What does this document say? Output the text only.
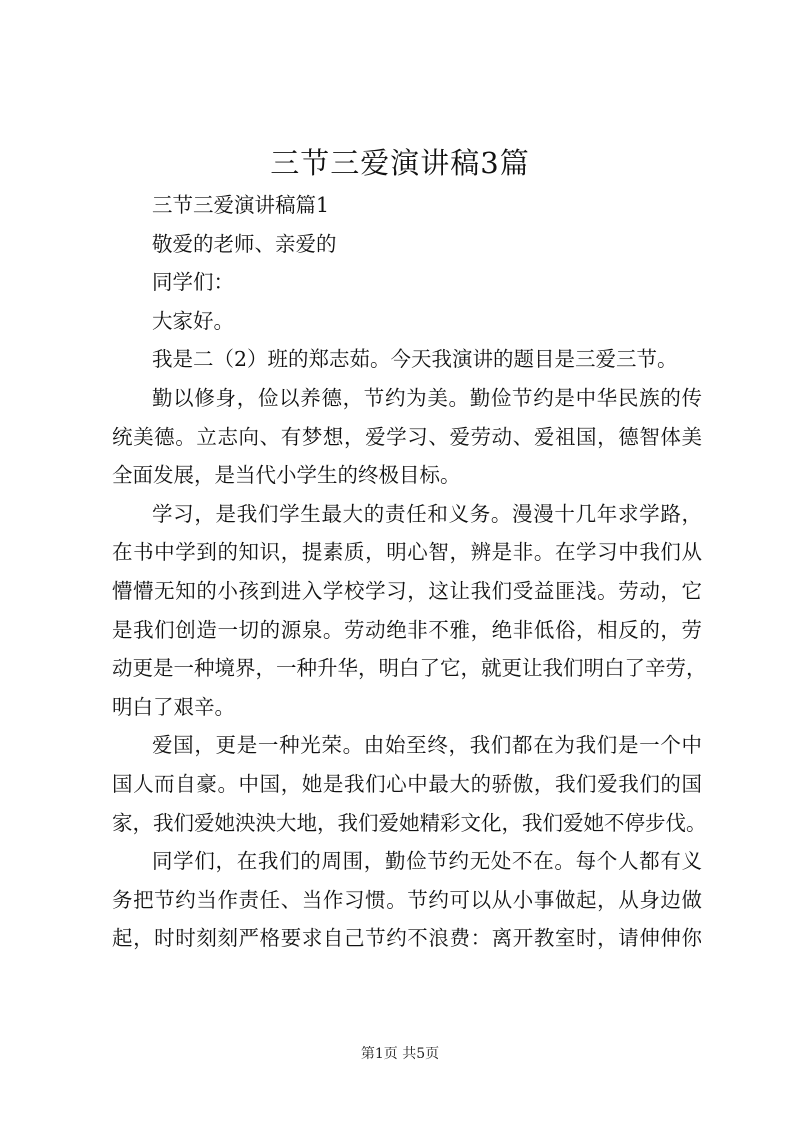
三节三爱演讲稿3篇
三节三爱演讲稿篇1
敬爱的老师、亲爱的
同学们：
大家好。
我是二（2）班的郑志茹。今天我演讲的题目是三爱三节。
勤以修身，俭以养德，节约为美。勤俭节约是中华民族的传
统美德。立志向、有梦想，爱学习、爱劳动、爱祖国，德智体美
全面发展，是当代小学生的终极目标。
学习，是我们学生最大的责任和义务。漫漫十几年求学路，
在书中学到的知识，提素质，明心智，辨是非。在学习中我们从
懵懵无知的小孩到进入学校学习，这让我们受益匪浅。劳动，它
是我们创造一切的源泉。劳动绝非不雅，绝非低俗，相反的，劳
动更是一种境界，一种升华，明白了它，就更让我们明白了辛劳，
明白了艰辛。
爱国，更是一种光荣。由始至终，我们都在为我们是一个中
国人而自豪。中国，她是我们心中最大的骄傲，我们爱我们的国
家，我们爱她泱泱大地，我们爱她精彩文化，我们爱她不停步伐。
同学们，在我们的周围，勤俭节约无处不在。每个人都有义
务把节约当作责任、当作习惯。节约可以从小事做起，从身边做
起，时时刻刻严格要求自己节约不浪费：离开教室时，请伸伸你
第1页 共5页
